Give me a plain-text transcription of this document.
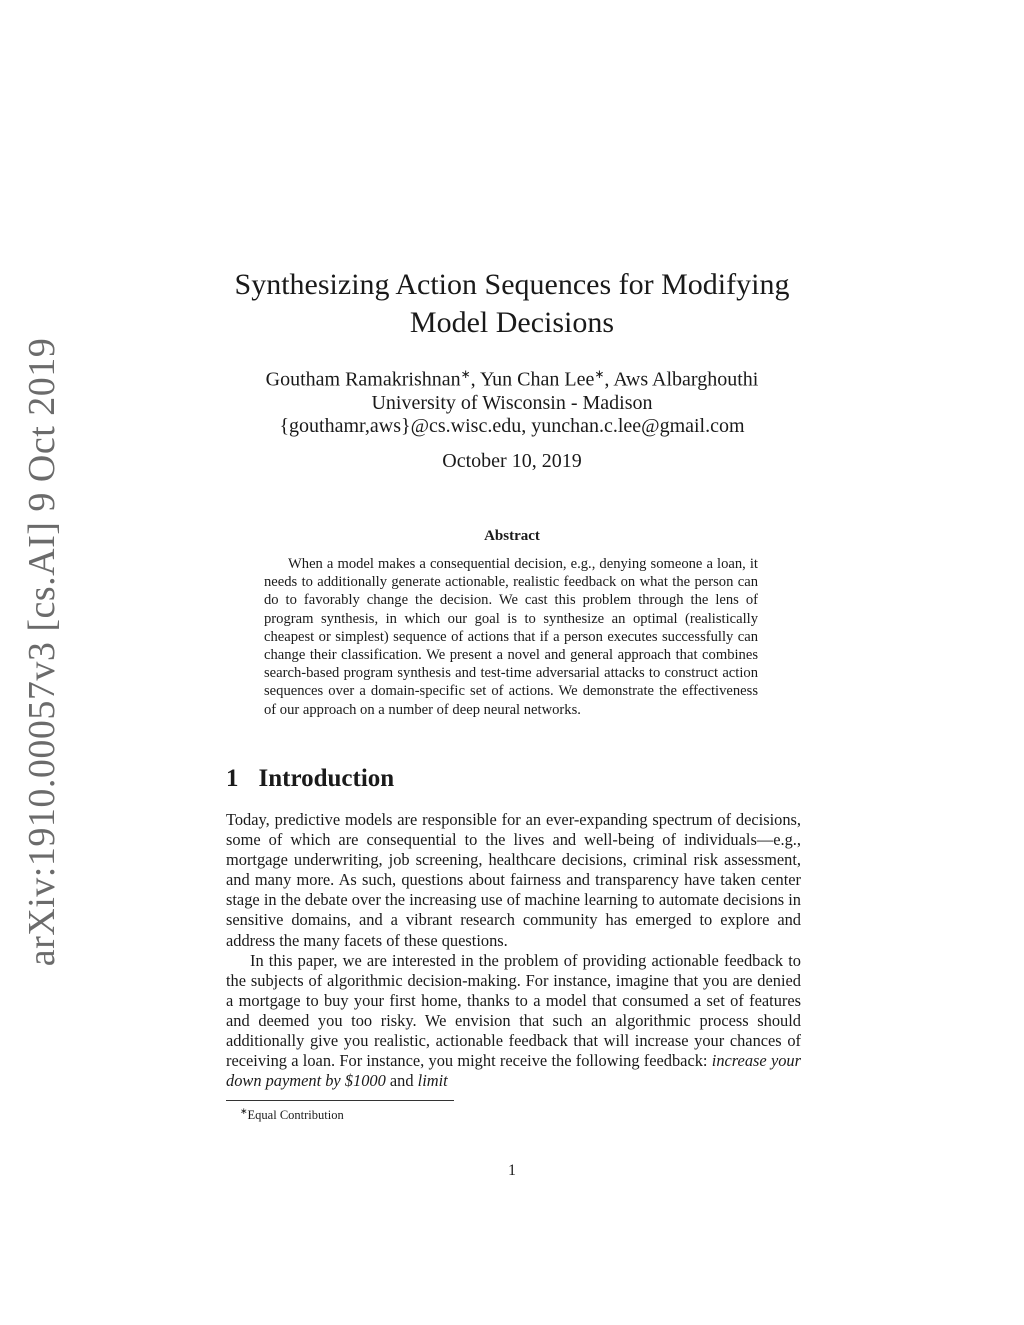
arXiv:1910.00057v3 [cs.AI] 9 Oct 2019
Synthesizing Action Sequences for Modifying
Model Decisions
Goutham Ramakrishnan∗, Yun Chan Lee∗, Aws Albarghouthi
University of Wisconsin - Madison
{gouthamr,aws}@cs.wisc.edu, yunchan.c.lee@gmail.com
October 10, 2019
Abstract

When a model makes a consequential decision, e.g., denying someone a loan, it needs to additionally generate actionable, realistic feedback on what the person can do to favorably change the decision. We cast this problem through the lens of program synthesis, in which our goal is to synthesize an optimal (realistically cheapest or simplest) sequence of actions that if a person executes successfully can change their classification. We present a novel and general approach that combines search-based program synthesis and test-time adversarial attacks to construct action sequences over a domain-specific set of actions. We demonstrate the effectiveness of our approach on a number of deep neural networks.

1 Introduction

Today, predictive models are responsible for an ever-expanding spectrum of decisions, some of which are consequential to the lives and well-being of individuals—e.g., mortgage underwriting, job screening, healthcare decisions, criminal risk assessment, and many more. As such, questions about fairness and transparency have taken center stage in the debate over the increasing use of machine learning to automate decisions in sensitive domains, and a vibrant research community has emerged to explore and address the many facets of these questions.

In this paper, we are interested in the problem of providing actionable feedback to the subjects of algorithmic decision-making. For instance, imagine that you are denied a mortgage to buy your first home, thanks to a model that consumed a set of features and deemed you too risky. We envision that such an algorithmic process should additionally give you realistic, actionable feedback that will increase your chances of receiving a loan. For instance, you might receive the following feedback: increase your down payment by $1000 and limit

∗Equal Contribution
1
